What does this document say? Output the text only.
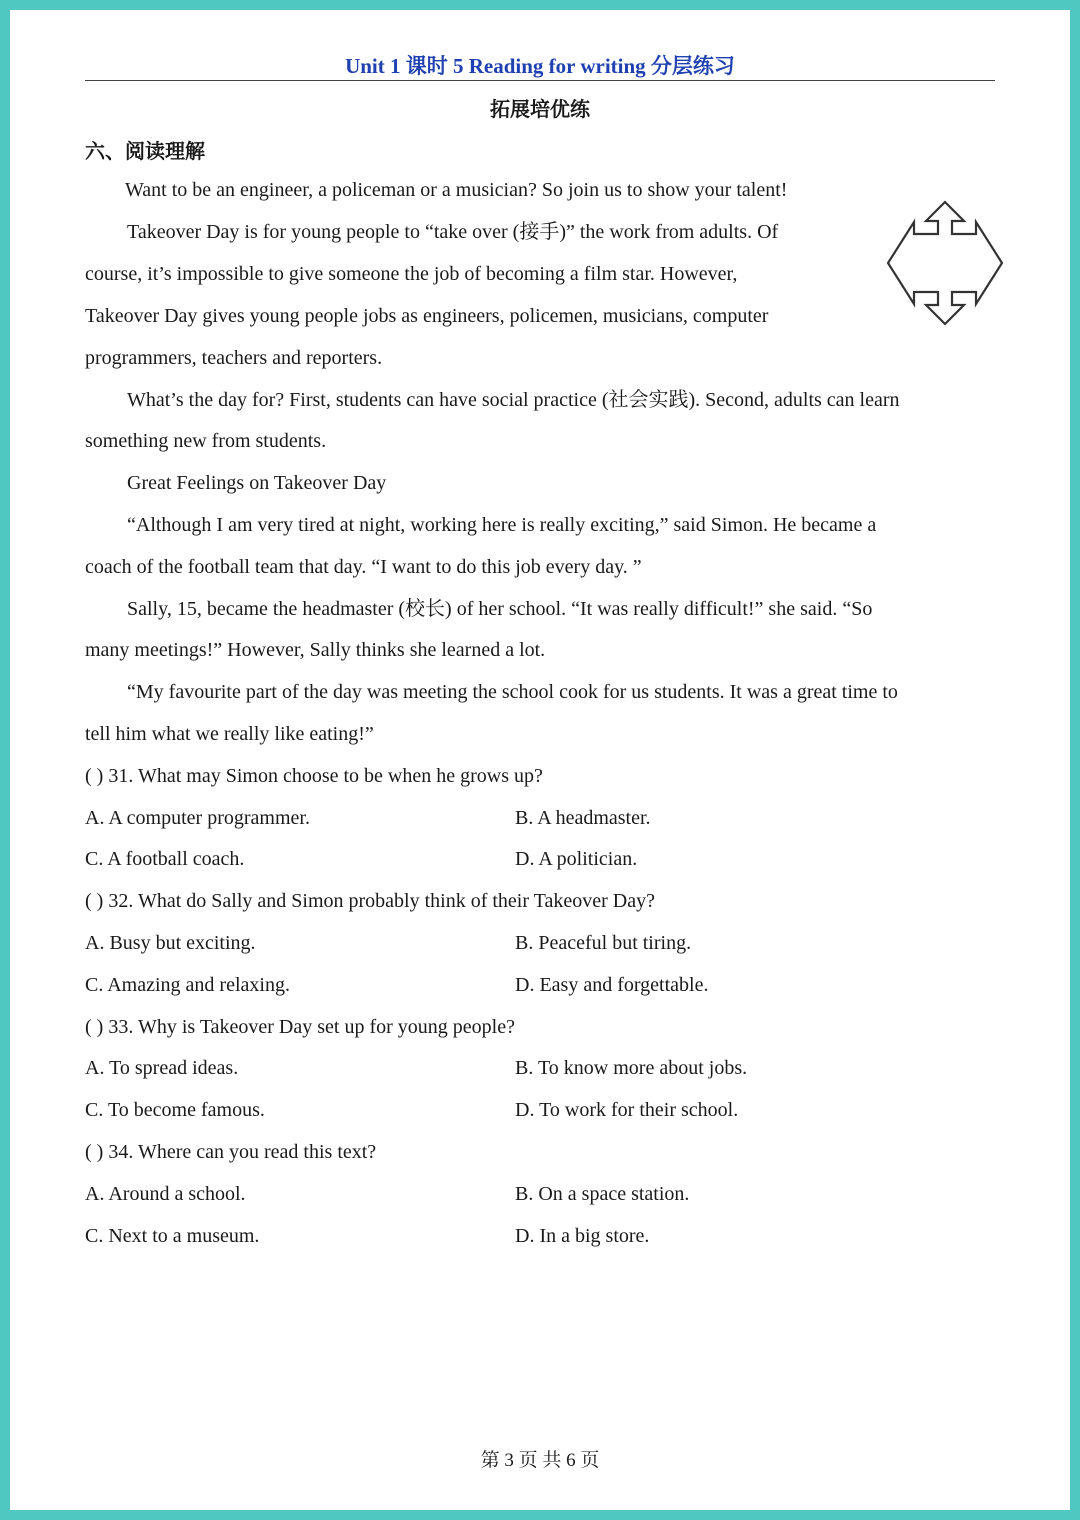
Unit 1 课时 5 Reading for writing 分层练习
拓展培优练
六、阅读理解
Want to be an engineer, a policeman or a musician? So join us to show your talent!
Takeover Day is for young people to “take over (接手)” the work from adults. Of
course, it’s impossible to give someone the job of becoming a film star. However,
Takeover Day gives young people jobs as engineers, policemen, musicians, computer
programmers, teachers and reporters.
What’s the day for? First, students can have social practice (社会实践). Second, adults can learn
something new from students.
Great Feelings on Takeover Day
“Although I am very tired at night, working here is really exciting,” said Simon. He became a
coach of the football team that day. “I want to do this job every day. ”
Sally, 15, became the headmaster (校长) of her school. “It was really difficult!” she said. “So
many meetings!” However, Sally thinks she learned a lot.
“My favourite part of the day was meeting the school cook for us students. It was a great time to
tell him what we really like eating!”
( ) 31. What may Simon choose to be when he grows up?
A. A computer programmer.	B. A headmaster.
C. A football coach.	D. A politician.
( ) 32. What do Sally and Simon probably think of their Takeover Day?
A. Busy but exciting.	B. Peaceful but tiring.
C. Amazing and relaxing.	D. Easy and forgettable.
( ) 33. Why is Takeover Day set up for young people?
A. To spread ideas.	B. To know more about jobs.
C. To become famous.	D. To work for their school.
( ) 34. Where can you read this text?
A. Around a school.	B. On a space station.
C. Next to a museum.	D. In a big store.
第 3 页 共 6 页
